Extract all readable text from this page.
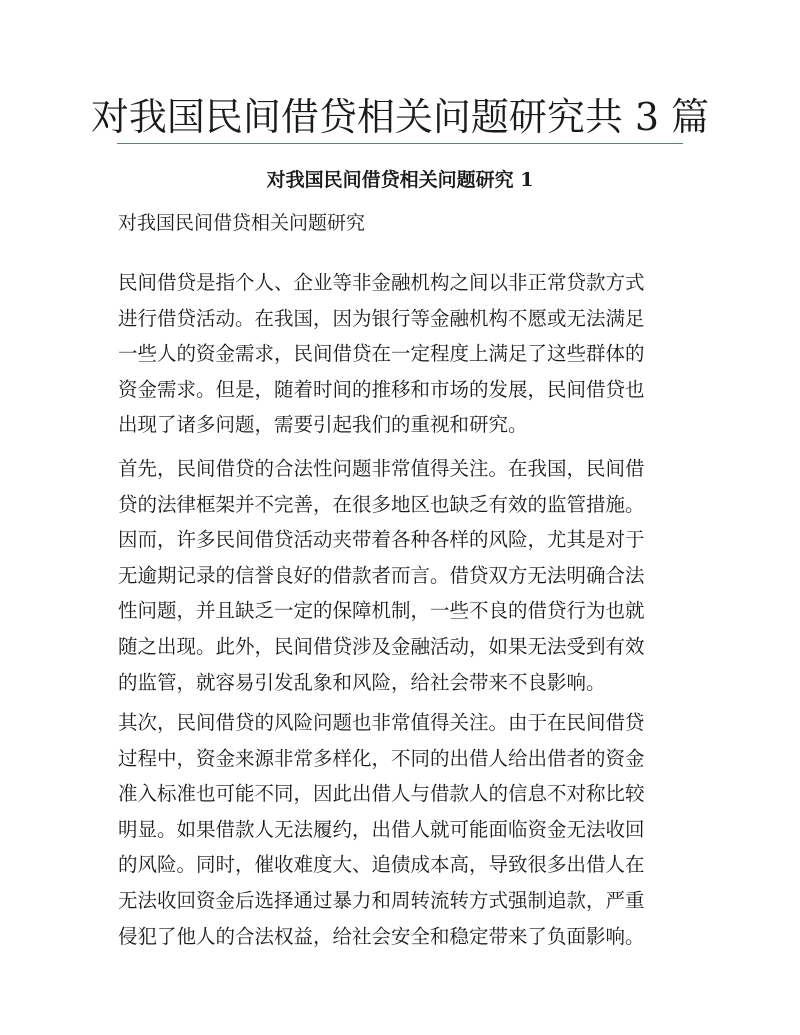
对我国民间借贷相关问题研究共 3 篇
对我国民间借贷相关问题研究 1

对我国民间借贷相关问题研究

民间借贷是指个人、企业等非金融机构之间以非正常贷款方式
进行借贷活动。在我国，因为银行等金融机构不愿或无法满足
一些人的资金需求，民间借贷在一定程度上满足了这些群体的
资金需求。但是，随着时间的推移和市场的发展，民间借贷也
出现了诸多问题，需要引起我们的重视和研究。

首先，民间借贷的合法性问题非常值得关注。在我国，民间借
贷的法律框架并不完善，在很多地区也缺乏有效的监管措施。
因而，许多民间借贷活动夹带着各种各样的风险，尤其是对于
无逾期记录的信誉良好的借款者而言。借贷双方无法明确合法
性问题，并且缺乏一定的保障机制，一些不良的借贷行为也就
随之出现。此外，民间借贷涉及金融活动，如果无法受到有效
的监管，就容易引发乱象和风险，给社会带来不良影响。

其次，民间借贷的风险问题也非常值得关注。由于在民间借贷
过程中，资金来源非常多样化，不同的出借人给出借者的资金
准入标准也可能不同，因此出借人与借款人的信息不对称比较
明显。如果借款人无法履约，出借人就可能面临资金无法收回
的风险。同时，催收难度大、追债成本高，导致很多出借人在
无法收回资金后选择通过暴力和周转流转方式强制追款，严重
侵犯了他人的合法权益，给社会安全和稳定带来了负面影响。
